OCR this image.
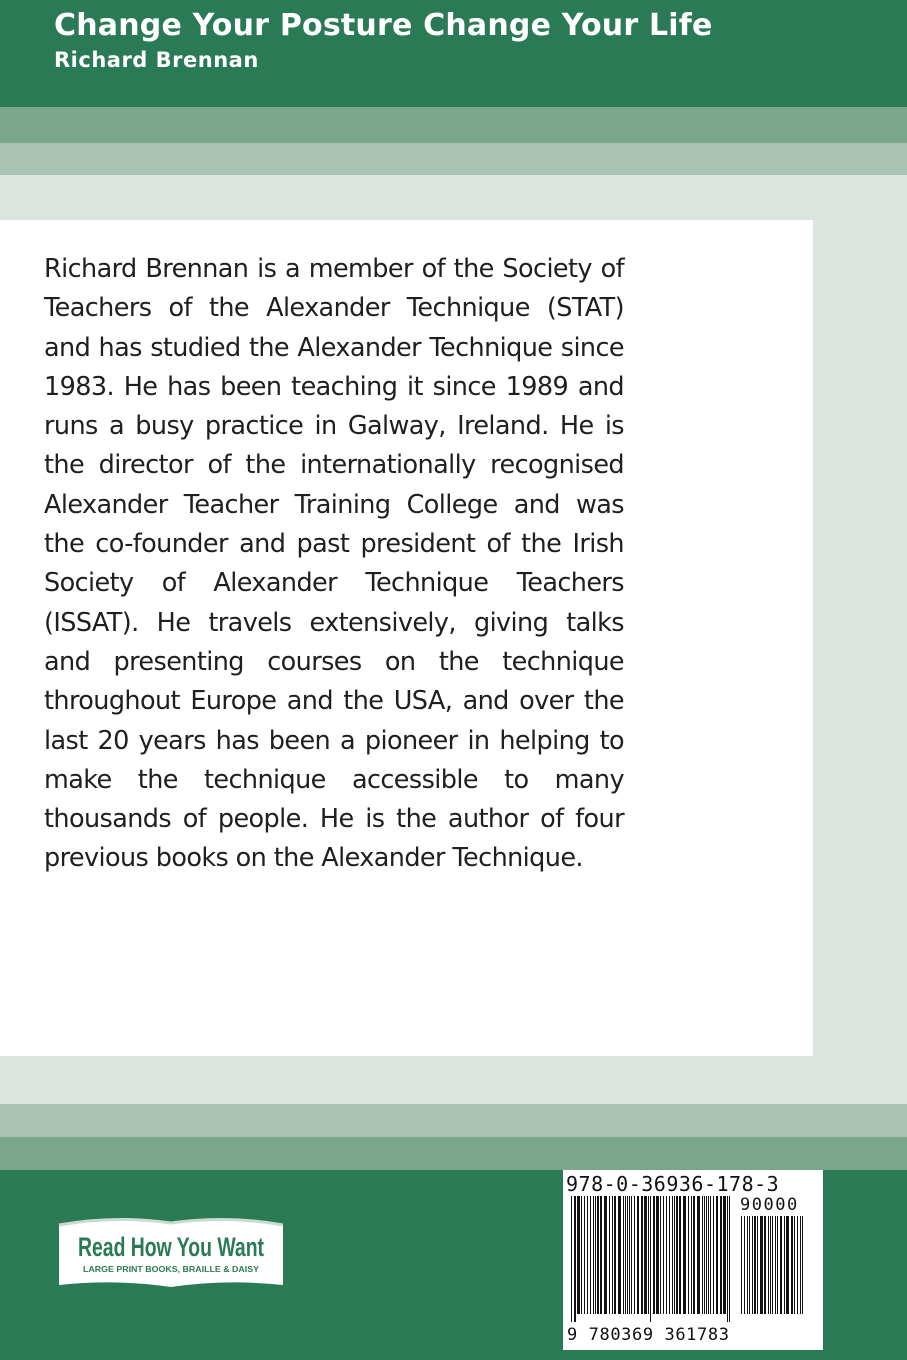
Change Your Posture Change Your Life
Richard Brennan

Richard Brennan is a member of the Society of Teachers of the Alexander Technique (STAT) and has studied the Alexander Technique since 1983. He has been teaching it since 1989 and runs a busy practice in Galway, Ireland. He is the director of the internationally recognised Alexander Teacher Training College and was the co-founder and past president of the Irish Society of Alexander Technique Teachers (ISSAT). He travels extensively, giving talks and presenting courses on the technique throughout Europe and the USA, and over the last 20 years has been a pioneer in helping to make the technique accessible to many thousands of people. He is the author of four previous books on the Alexander Technique.

Read How You Want
LARGE PRINT BOOKS, BRAILLE & DAISY
978-0-36936-178-3
90000
9 780369 361783
